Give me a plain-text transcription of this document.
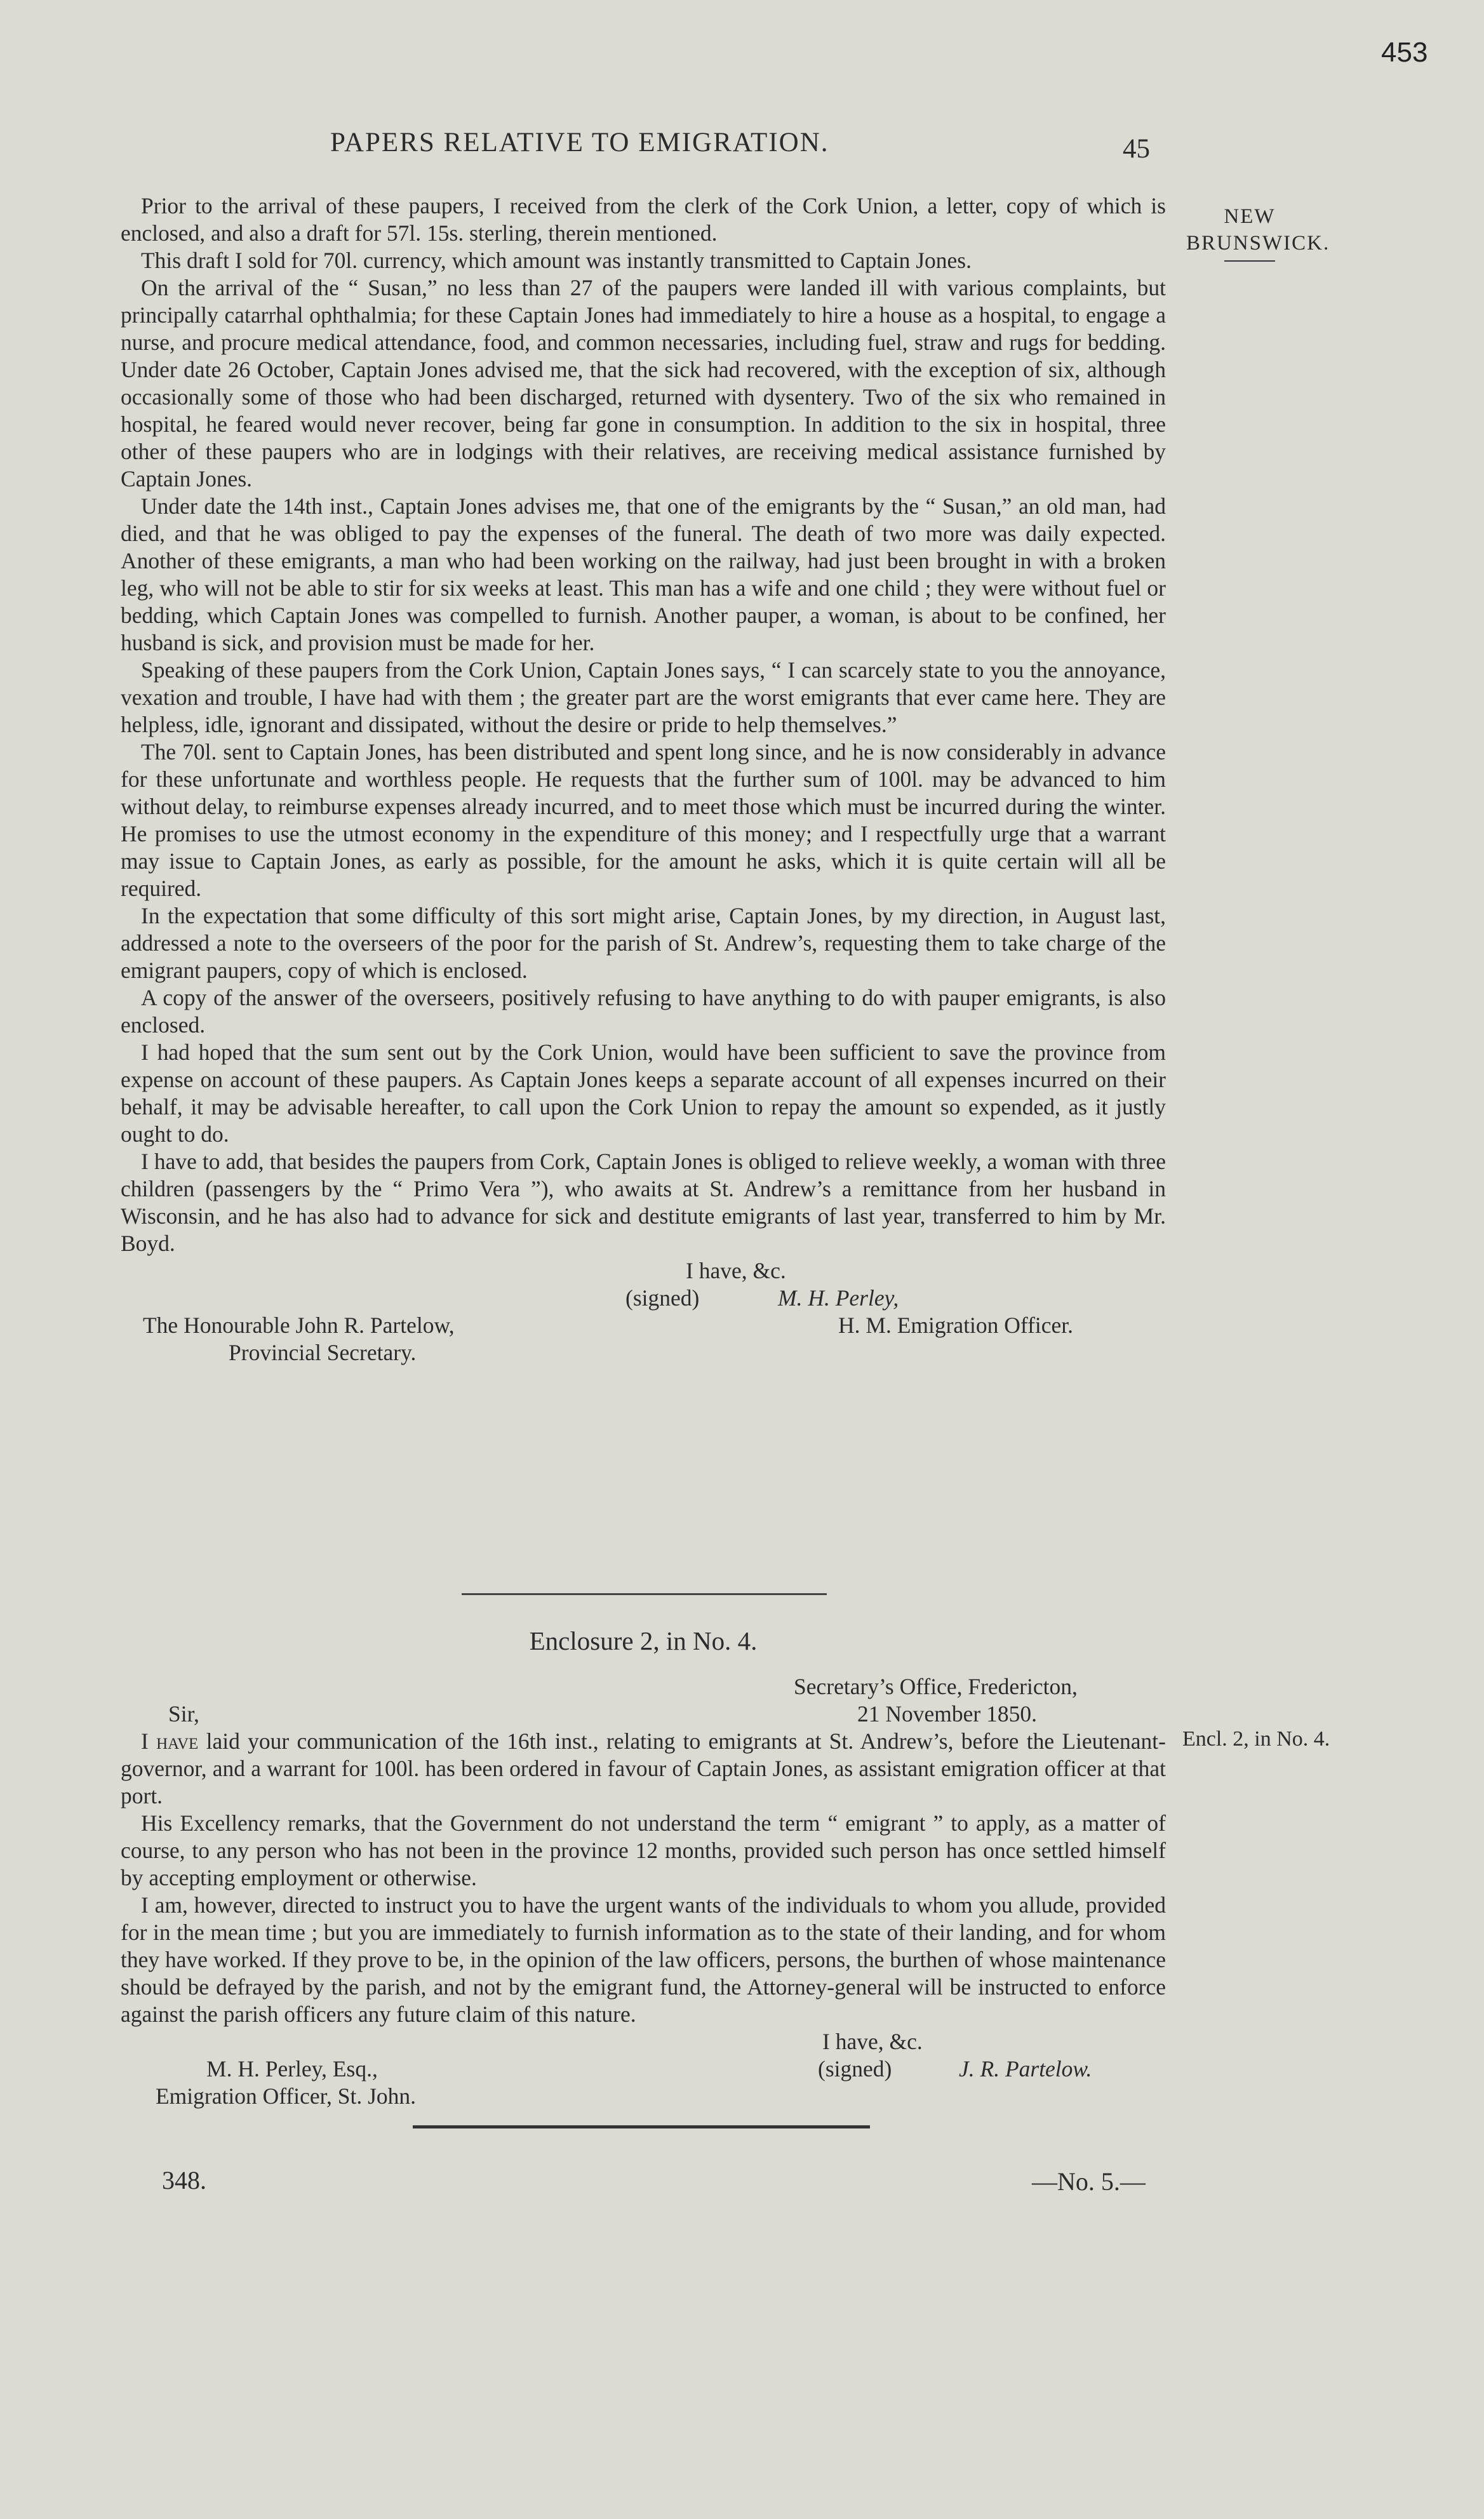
453
PAPERS RELATIVE TO EMIGRATION.	45
NEW
BRUNSWICK.

Prior to the arrival of these paupers, I received from the clerk of the Cork Union, a letter, copy of which is enclosed, and also a draft for 57l. 15s. sterling, therein mentioned.

This draft I sold for 70l. currency, which amount was instantly transmitted to Captain Jones.

On the arrival of the “ Susan,” no less than 27 of the paupers were landed ill with various complaints, but principally catarrhal ophthalmia; for these Captain Jones had immediately to hire a house as a hospital, to engage a nurse, and procure medical attendance, food, and common necessaries, including fuel, straw and rugs for bedding. Under date 26 October, Captain Jones advised me, that the sick had recovered, with the exception of six, although occasionally some of those who had been discharged, returned with dysentery. Two of the six who remained in hospital, he feared would never recover, being far gone in consumption. In addition to the six in hospital, three other of these paupers who are in lodgings with their relatives, are receiving medical assistance furnished by Captain Jones.

Under date the 14th inst., Captain Jones advises me, that one of the emigrants by the “ Susan,” an old man, had died, and that he was obliged to pay the expenses of the funeral. The death of two more was daily expected. Another of these emigrants, a man who had been working on the railway, had just been brought in with a broken leg, who will not be able to stir for six weeks at least. This man has a wife and one child ; they were without fuel or bedding, which Captain Jones was compelled to furnish. Another pauper, a woman, is about to be confined, her husband is sick, and provision must be made for her.

Speaking of these paupers from the Cork Union, Captain Jones says, “ I can scarcely state to you the annoyance, vexation and trouble, I have had with them ; the greater part are the worst emigrants that ever came here. They are helpless, idle, ignorant and dissipated, without the desire or pride to help themselves.”

The 70l. sent to Captain Jones, has been distributed and spent long since, and he is now considerably in advance for these unfortunate and worthless people. He requests that the further sum of 100l. may be advanced to him without delay, to reimburse expenses already incurred, and to meet those which must be incurred during the winter. He promises to use the utmost economy in the expenditure of this money; and I respectfully urge that a warrant may issue to Captain Jones, as early as possible, for the amount he asks, which it is quite certain will all be required.

In the expectation that some difficulty of this sort might arise, Captain Jones, by my direction, in August last, addressed a note to the overseers of the poor for the parish of St. Andrew’s, requesting them to take charge of the emigrant paupers, copy of which is enclosed.

A copy of the answer of the overseers, positively refusing to have anything to do with pauper emigrants, is also enclosed.

I had hoped that the sum sent out by the Cork Union, would have been sufficient to save the province from expense on account of these paupers. As Captain Jones keeps a separate account of all expenses incurred on their behalf, it may be advisable hereafter, to call upon the Cork Union to repay the amount so expended, as it justly ought to do.

I have to add, that besides the paupers from Cork, Captain Jones is obliged to relieve weekly, a woman with three children (passengers by the “ Primo Vera ”), who awaits at St. Andrew’s a remittance from her husband in Wisconsin, and he has also had to advance for sick and destitute emigrants of last year, transferred to him by Mr. Boyd.

I have, &c.
(signed)	M. H. Perley,
H. M. Emigration Officer.
The Honourable John R. Partelow,
Provincial Secretary.
Enclosure 2, in No. 4.
Encl. 2, in No. 4.
Secretary’s Office, Fredericton,
21 November 1850.
Sir,

I have laid your communication of the 16th inst., relating to emigrants at St. Andrew’s, before the Lieutenant-governor, and a warrant for 100l. has been ordered in favour of Captain Jones, as assistant emigration officer at that port.

His Excellency remarks, that the Government do not understand the term “ emigrant ” to apply, as a matter of course, to any person who has not been in the province 12 months, provided such person has once settled himself by accepting employment or otherwise.

I am, however, directed to instruct you to have the urgent wants of the individuals to whom you allude, provided for in the mean time ; but you are immediately to furnish information as to the state of their landing, and for whom they have worked. If they prove to be, in the opinion of the law officers, persons, the burthen of whose maintenance should be defrayed by the parish, and not by the emigrant fund, the Attorney-general will be instructed to enforce against the parish officers any future claim of this nature.

I have, &c.
(signed)	J. R. Partelow.
M. H. Perley, Esq.,
Emigration Officer, St. John.
348.	—No. 5.—
